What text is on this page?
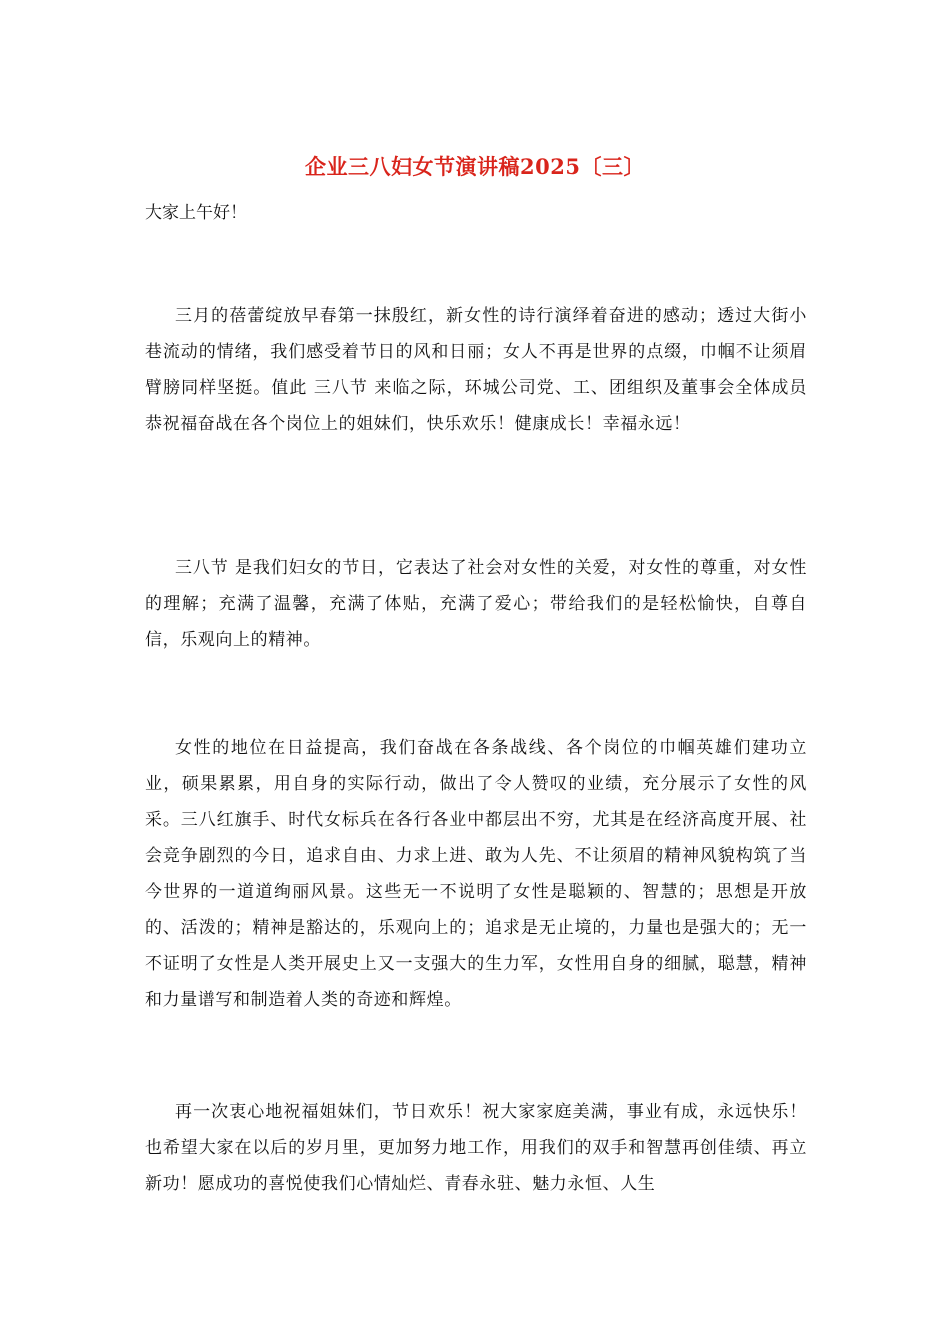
企业三八妇女节演讲稿2025〔三〕
大家上午好！

三月的蓓蕾绽放早春第一抹殷红，新女性的诗行演绎着奋进的感动；透过大街小巷流动的情绪，我们感受着节日的风和日丽；女人不再是世界的点缀，巾帼不让须眉臂膀同样坚挺。值此 三八节 来临之际，环城公司党、工、团组织及董事会全体成员恭祝福奋战在各个岗位上的姐妹们，快乐欢乐！健康成长！幸福永远！

三八节 是我们妇女的节日，它表达了社会对女性的关爱，对女性的尊重，对女性的理解；充满了温馨，充满了体贴，充满了爱心；带给我们的是轻松愉快，自尊自信，乐观向上的精神。

女性的地位在日益提高，我们奋战在各条战线、各个岗位的巾帼英雄们建功立业，硕果累累，用自身的实际行动，做出了令人赞叹的业绩，充分展示了女性的风采。三八红旗手、时代女标兵在各行各业中都层出不穷，尤其是在经济高度开展、社会竞争剧烈的今日，追求自由、力求上进、敢为人先、不让须眉的精神风貌构筑了当今世界的一道道绚丽风景。这些无一不说明了女性是聪颖的、智慧的；思想是开放的、活泼的；精神是豁达的，乐观向上的；追求是无止境的，力量也是强大的；无一不证明了女性是人类开展史上又一支强大的生力军，女性用自身的细腻，聪慧，精神和力量谱写和制造着人类的奇迹和辉煌。

再一次衷心地祝福姐妹们，节日欢乐！祝大家家庭美满，事业有成，永远快乐！也希望大家在以后的岁月里，更加努力地工作，用我们的双手和智慧再创佳绩、再立新功！愿成功的喜悦使我们心情灿烂、青春永驻、魅力永恒、人生
